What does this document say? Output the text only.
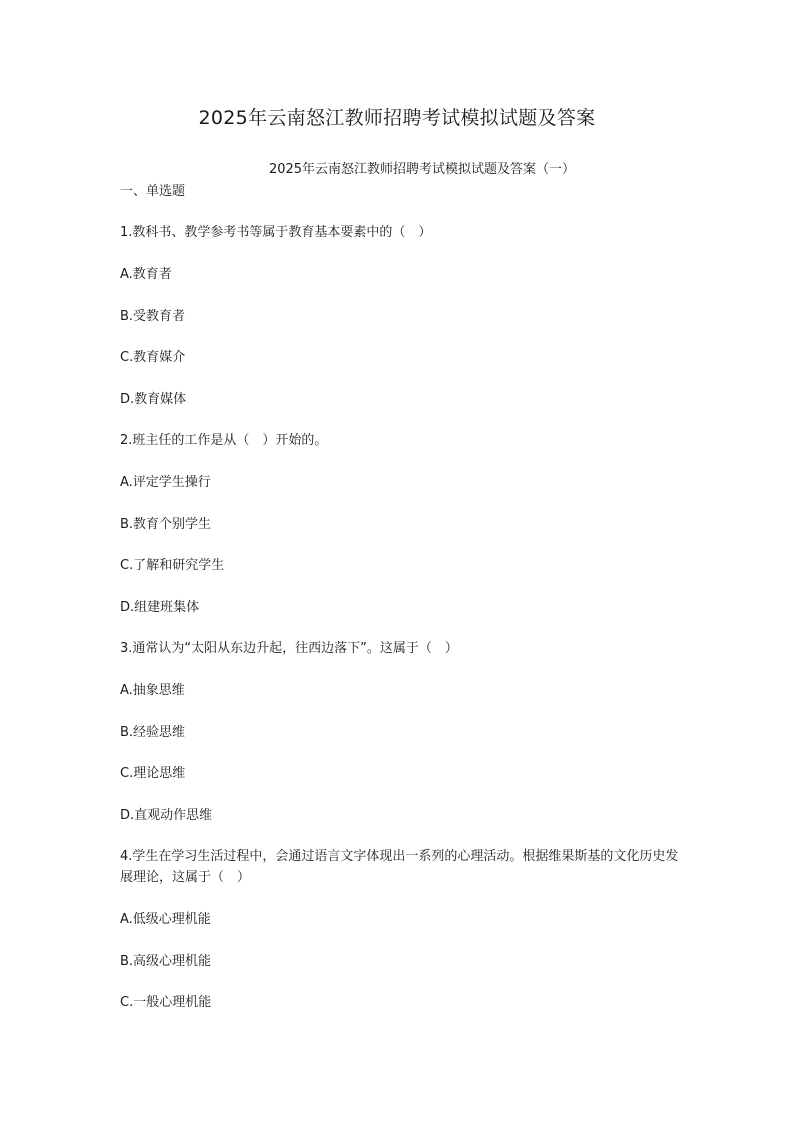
2025年云南怒江教师招聘考试模拟试题及答案
2025年云南怒江教师招聘考试模拟试题及答案（一）
一、单选题
1.教科书、教学参考书等属于教育基本要素中的（　）
A.教育者
B.受教育者
C.教育媒介
D.教育媒体
2.班主任的工作是从（　）开始的。
A.评定学生操行
B.教育个别学生
C.了解和研究学生
D.组建班集体
3.通常认为“太阳从东边升起，往西边落下”。这属于（　）
A.抽象思维
B.经验思维
C.理论思维
D.直观动作思维
4.学生在学习生活过程中，会通过语言文字体现出一系列的心理活动。根据维果斯基的文化历史发展理论，这属于（　）
A.低级心理机能
B.高级心理机能
C.一般心理机能
